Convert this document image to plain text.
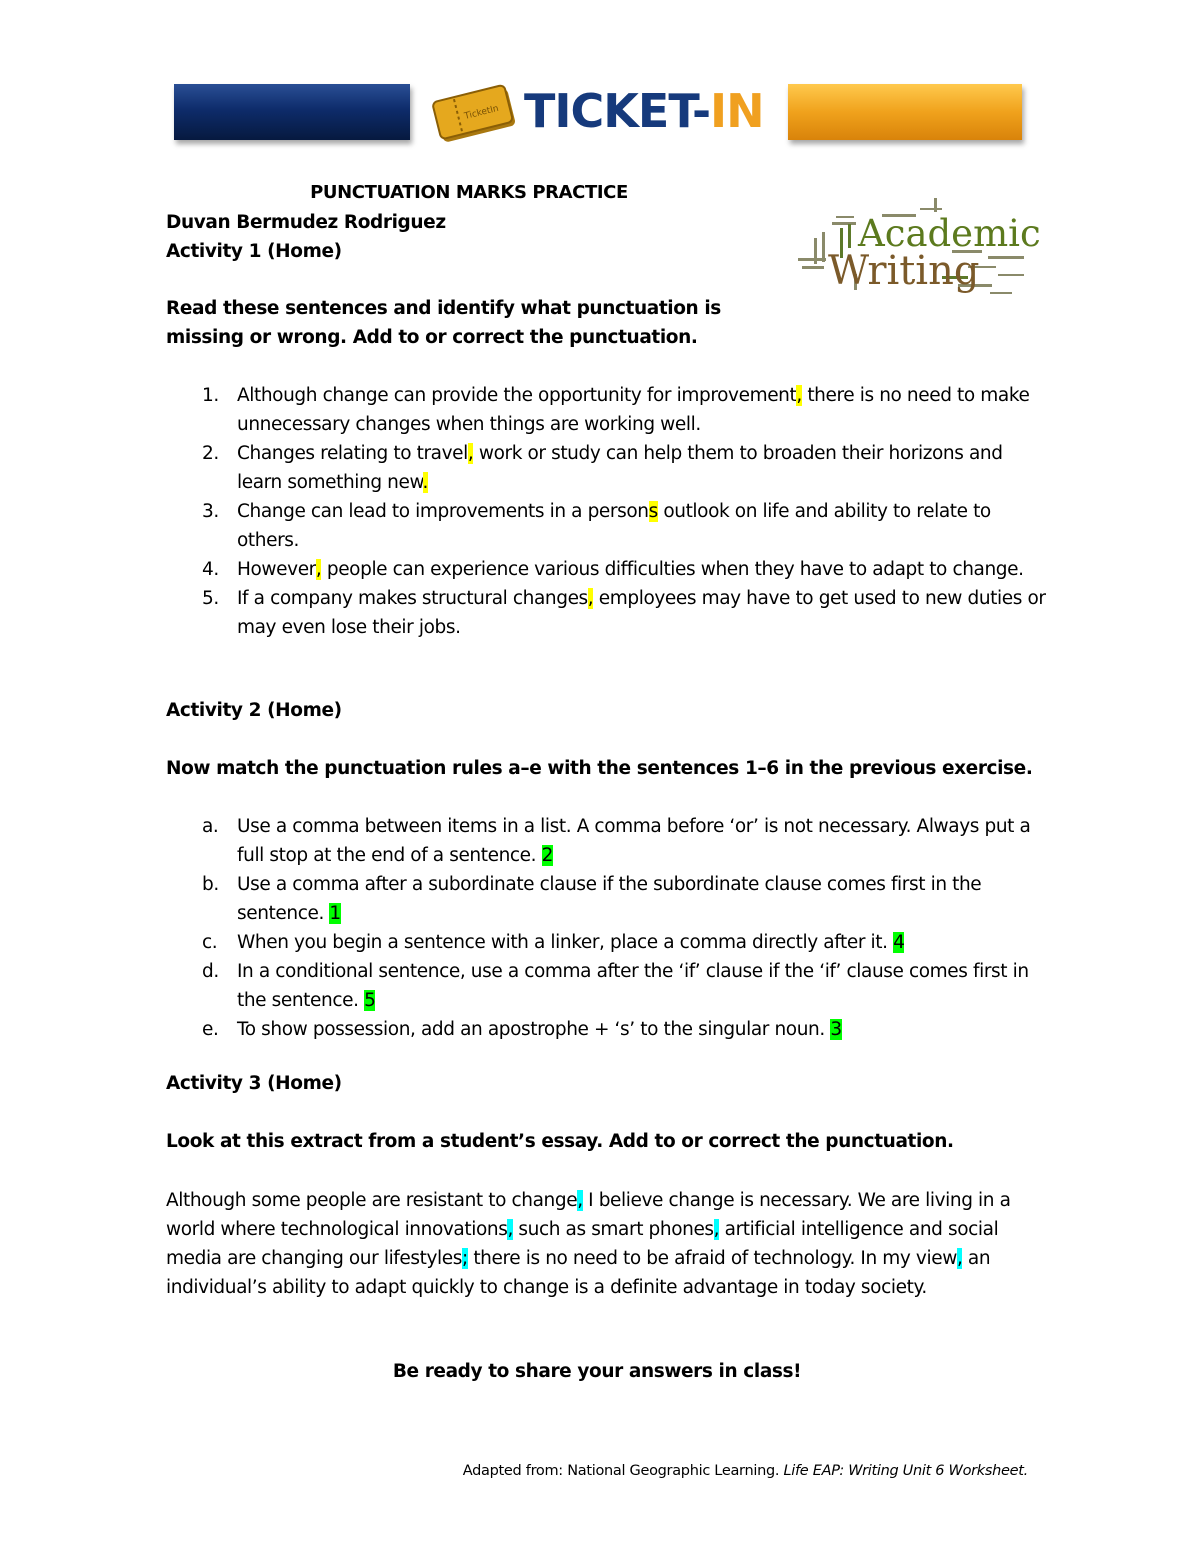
TicketIn TICKET-IN
Academic
Writing
PUNCTUATION MARKS PRACTICE
Duvan Bermudez Rodriguez
Activity 1 (Home)
Read these sentences and identify what punctuation is
missing or wrong. Add to or correct the punctuation.
1. Although change can provide the opportunity for improvement, there is no need to make unnecessary changes when things are working well.
2. Changes relating to travel, work or study can help them to broaden their horizons and learn something new.
3. Change can lead to improvements in a persons outlook on life and ability to relate to others.
4. However, people can experience various difficulties when they have to adapt to change.
5. If a company makes structural changes, employees may have to get used to new duties or may even lose their jobs.
Activity 2 (Home)
Now match the punctuation rules a–e with the sentences 1–6 in the previous exercise.
a. Use a comma between items in a list. A comma before ‘or’ is not necessary. Always put a full stop at the end of a sentence. 2
b. Use a comma after a subordinate clause if the subordinate clause comes first in the sentence. 1
c. When you begin a sentence with a linker, place a comma directly after it. 4
d. In a conditional sentence, use a comma after the ‘if’ clause if the ‘if’ clause comes first in the sentence. 5
e. To show possession, add an apostrophe + ‘s’ to the singular noun. 3
Activity 3 (Home)
Look at this extract from a student’s essay. Add to or correct the punctuation.
Although some people are resistant to change, I believe change is necessary. We are living in a world where technological innovations, such as smart phones, artificial intelligence and social media are changing our lifestyles; there is no need to be afraid of technology. In my view, an individual’s ability to adapt quickly to change is a definite advantage in today society.
Be ready to share your answers in class!
Adapted from: National Geographic Learning. Life EAP: Writing Unit 6 Worksheet.
